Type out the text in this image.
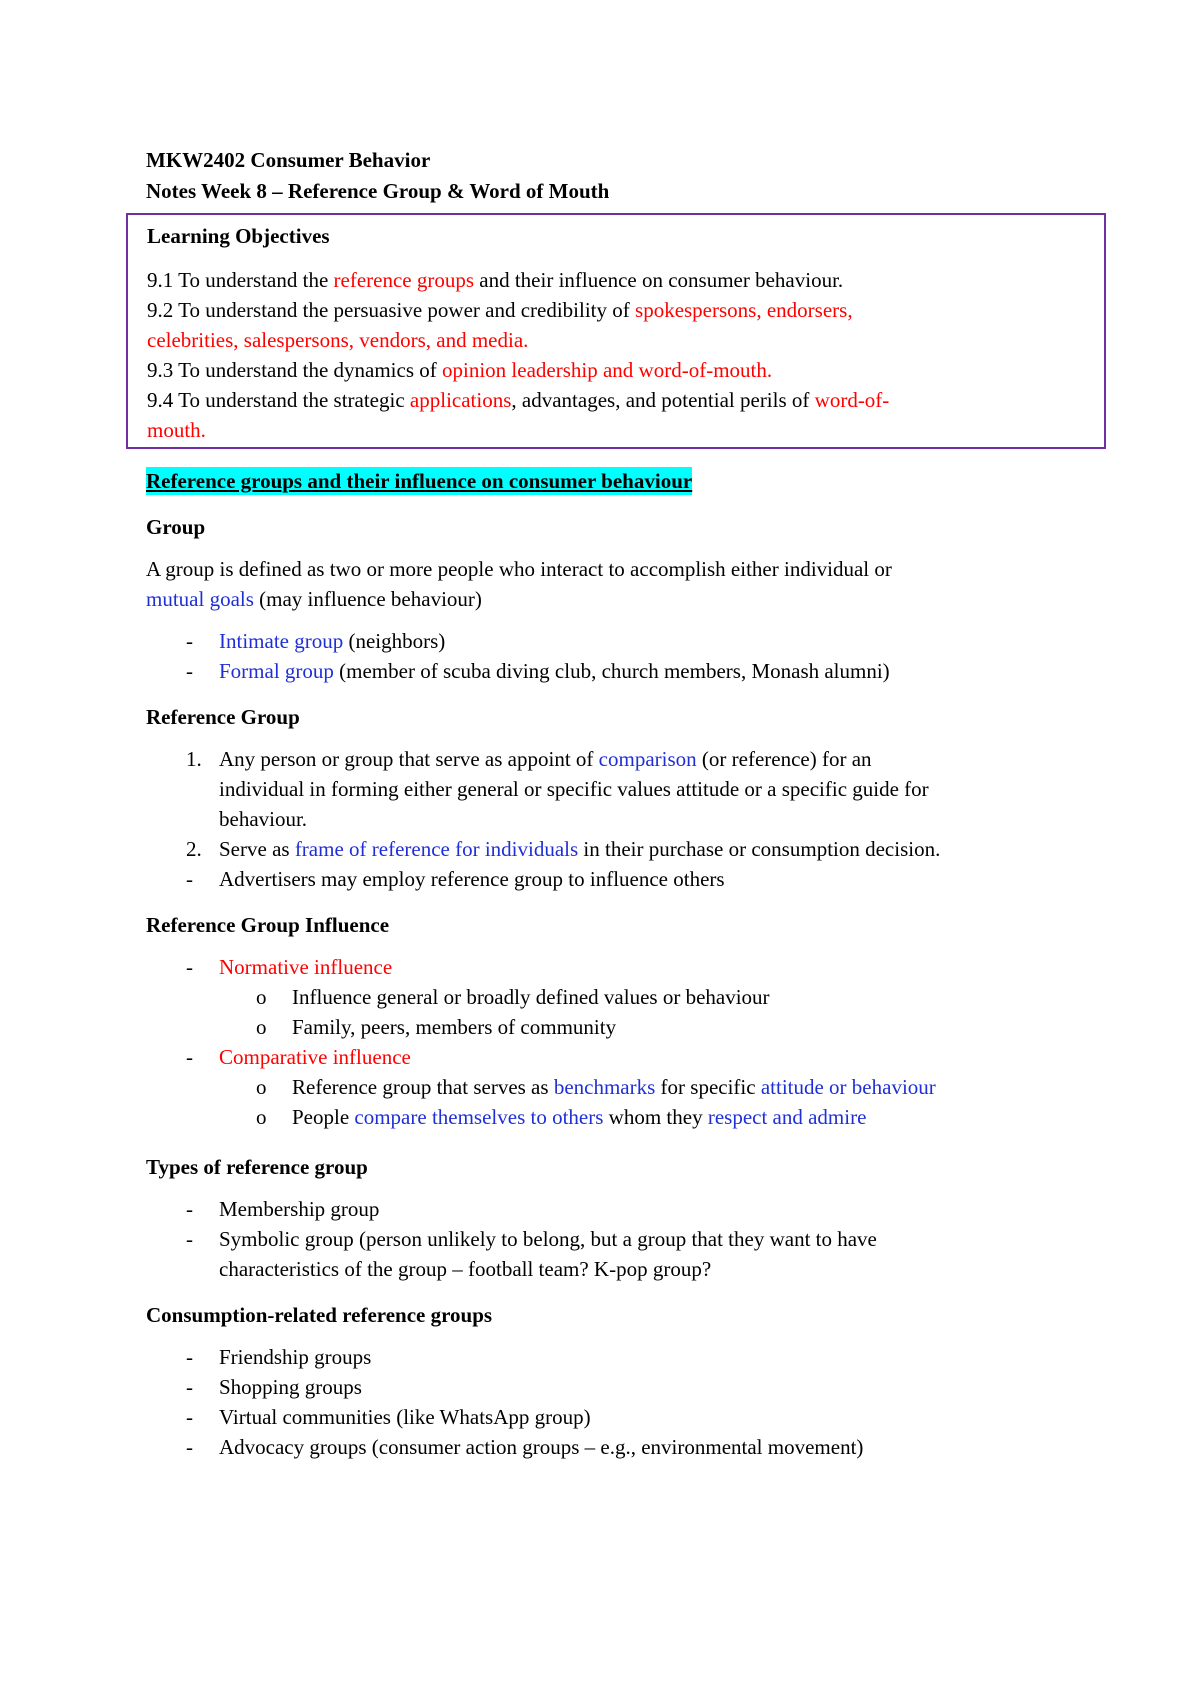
MKW2402 Consumer Behavior

Notes Week 8 – Reference Group & Word of Mouth

Learning Objectives

9.1 To understand the reference groups and their influence on consumer behaviour.

9.2 To understand the persuasive power and credibility of spokespersons, endorsers,

celebrities, salespersons, vendors, and media.

9.3 To understand the dynamics of opinion leadership and word-of-mouth.

9.4 To understand the strategic applications, advantages, and potential perils of word-of-

mouth.

Reference groups and their influence on consumer behaviour

Group

A group is defined as two or more people who interact to accomplish either individual or
mutual goals (may influence behaviour)

- Intimate group (neighbors)

- Formal group (member of scuba diving club, church members, Monash alumni)

Reference Group

1. Any person or group that serve as appoint of comparison (or reference) for an
individual in forming either general or specific values attitude or a specific guide for
behaviour.

2. Serve as frame of reference for individuals in their purchase or consumption decision.

- Advertisers may employ reference group to influence others

Reference Group Influence

- Normative influence

o Influence general or broadly defined values or behaviour

o Family, peers, members of community

- Comparative influence

o Reference group that serves as benchmarks for specific attitude or behaviour

o People compare themselves to others whom they respect and admire

Types of reference group

- Membership group

- Symbolic group (person unlikely to belong, but a group that they want to have
characteristics of the group – football team? K-pop group?

Consumption-related reference groups

- Friendship groups

- Shopping groups

- Virtual communities (like WhatsApp group)

- Advocacy groups (consumer action groups – e.g., environmental movement)
